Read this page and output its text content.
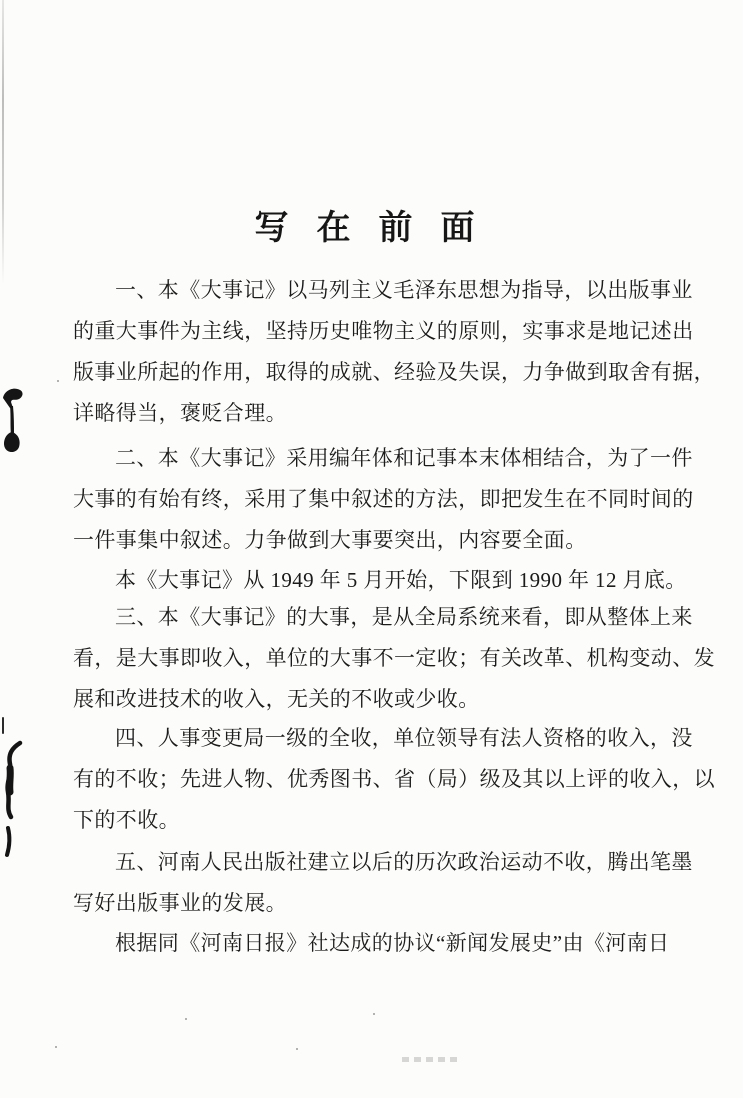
写在前面
一、本《大事记》以马列主义毛泽东思想为指导，以出版事业
的重大事件为主线，坚持历史唯物主义的原则，实事求是地记述出
版事业所起的作用，取得的成就、经验及失误，力争做到取舍有据，
详略得当，褒贬合理。
二、本《大事记》采用编年体和记事本末体相结合，为了一件
大事的有始有终，采用了集中叙述的方法，即把发生在不同时间的
一件事集中叙述。力争做到大事要突出，内容要全面。
本《大事记》从 1949 年 5 月开始，下限到 1990 年 12 月底。
三、本《大事记》的大事，是从全局系统来看，即从整体上来
看，是大事即收入，单位的大事不一定收；有关改革、机构变动、发
展和改进技术的收入，无关的不收或少收。
四、人事变更局一级的全收，单位领导有法人资格的收入，没
有的不收；先进人物、优秀图书、省（局）级及其以上评的收入，以
下的不收。
五、河南人民出版社建立以后的历次政治运动不收，腾出笔墨
写好出版事业的发展。
根据同《河南日报》社达成的协议“新闻发展史”由《河南日
